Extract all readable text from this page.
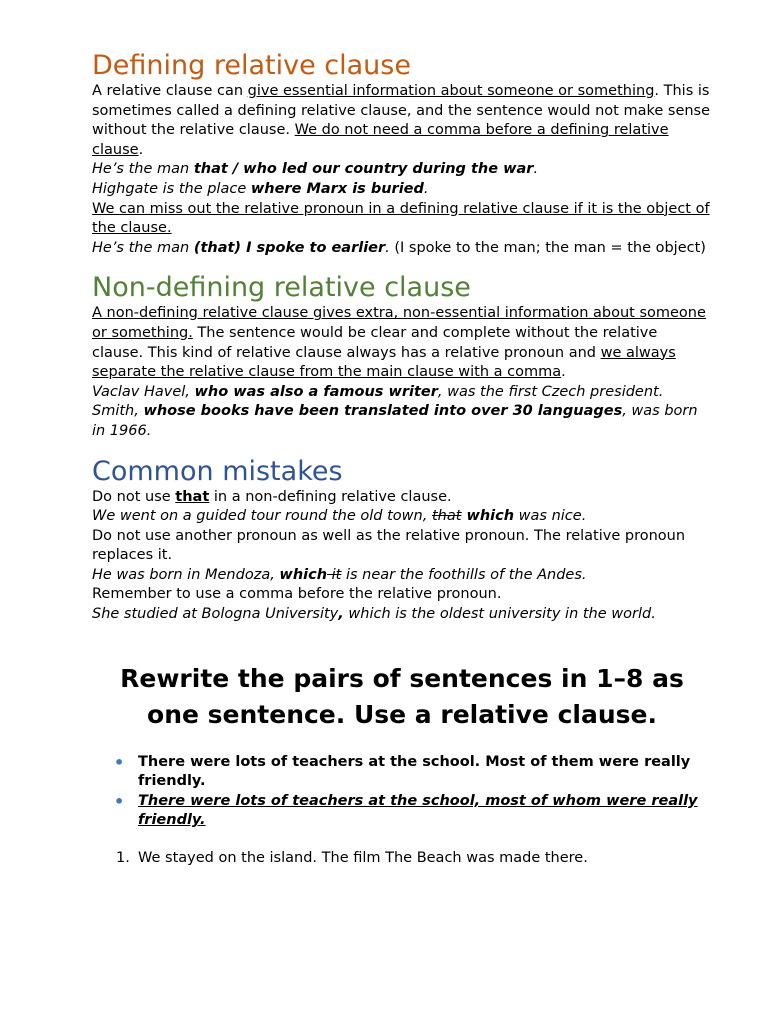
Defining relative clause

A relative clause can give essential information about someone or something. This is sometimes called a defining relative clause, and the sentence would not make sense without the relative clause. We do not need a comma before a defining relative clause.

He’s the man that / who led our country during the war.

Highgate is the place where Marx is buried.

We can miss out the relative pronoun in a defining relative clause if it is the object of the clause.

He’s the man (that) I spoke to earlier. (I spoke to the man; the man = the object)

Non-defining relative clause

A non-defining relative clause gives extra, non-essential information about someone or something. The sentence would be clear and complete without the relative clause. This kind of relative clause always has a relative pronoun and we always separate the relative clause from the main clause with a comma.

Vaclav Havel, who was also a famous writer, was the first Czech president.

Smith, whose books have been translated into over 30 languages, was born in 1966.

Common mistakes

Do not use that in a non-defining relative clause.

We went on a guided tour round the old town, that which was nice.

Do not use another pronoun as well as the relative pronoun. The relative pronoun replaces it.

He was born in Mendoza, which it is near the foothills of the Andes.

Remember to use a comma before the relative pronoun.

She studied at Bologna University, which is the oldest university in the world.

Rewrite the pairs of sentences in 1–8 as one sentence. Use a relative clause.
• There were lots of teachers at the school. Most of them were really friendly.
• There were lots of teachers at the school, most of whom were really friendly.
1. We stayed on the island. The film The Beach was made there.
